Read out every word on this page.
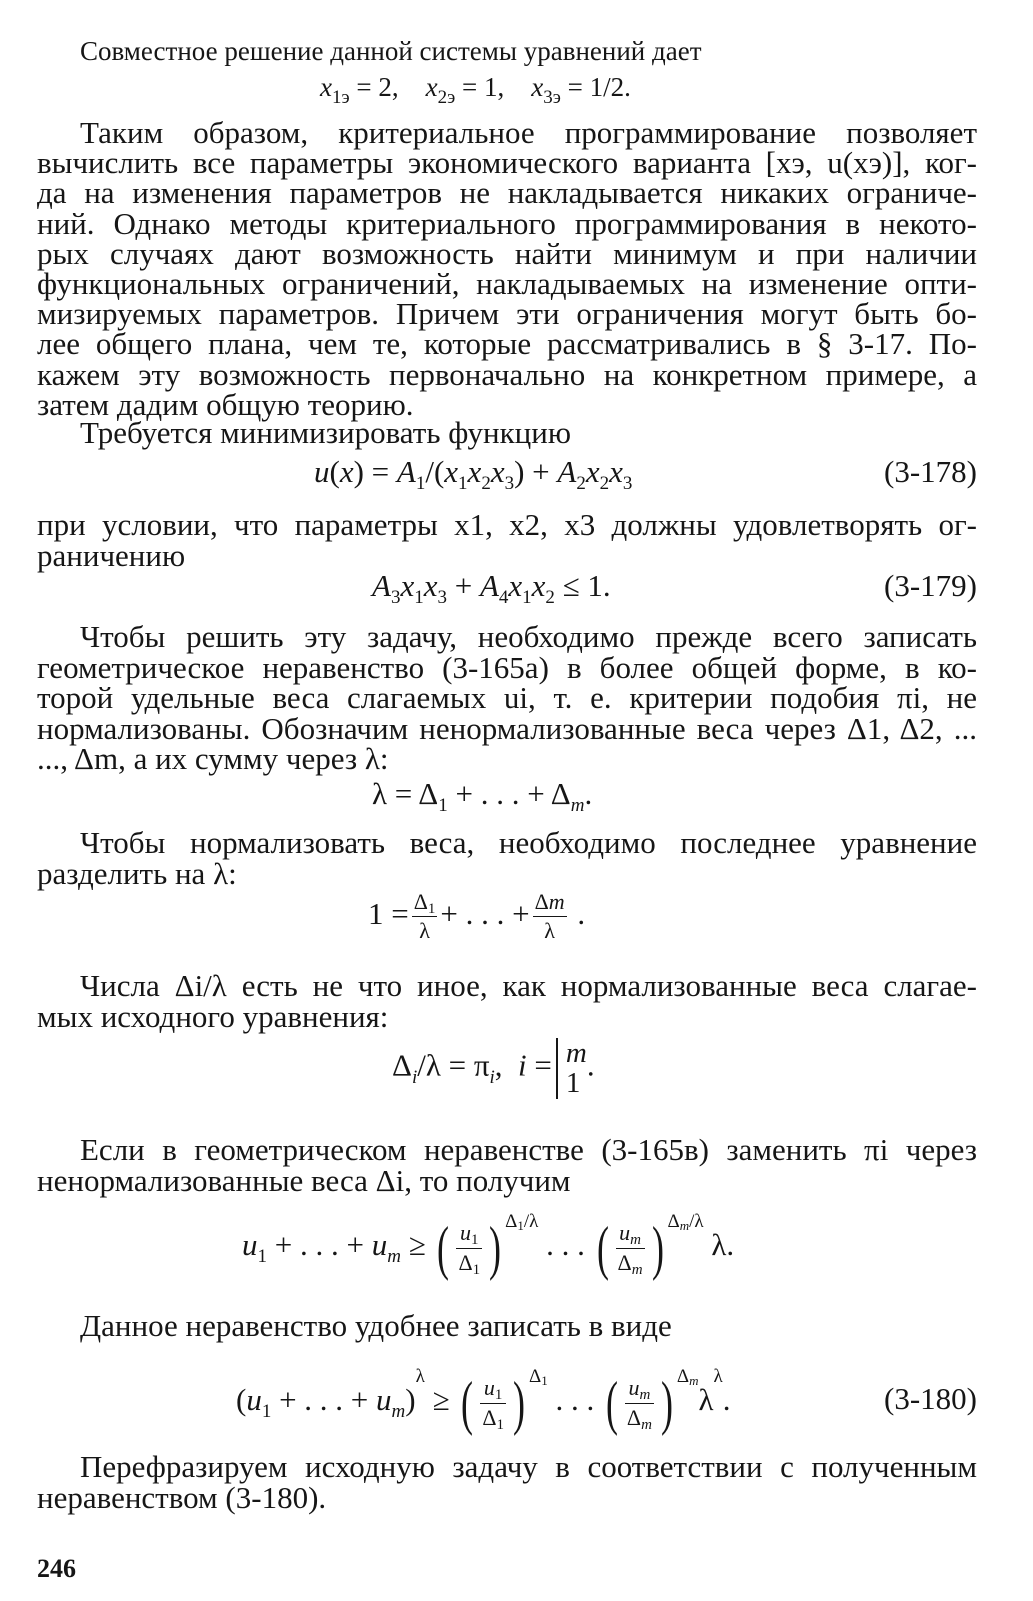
Совместное решение данной системы уравнений дает
$x_{1э} = 2$,    $x_{2э} = 1$,    $x_{3э} = 1/2$.
Таким образом, критериальное программирование позволяет
вычислить все параметры экономического варианта [xэ, u(xэ)], ког-
да на изменения параметров не накладывается никаких ограниче-
ний. Однако методы критериального программирования в некото-
рых случаях дают возможность найти минимум и при наличии
функциональных ограничений, накладываемых на изменение опти-
мизируемых параметров. Причем эти ограничения могут быть бо-
лее общего плана, чем те, которые рассматривались в § 3-17. По-
кажем эту возможность первоначально на конкретном примере, а
затем дадим общую теорию.
Требуется минимизировать функцию
$u(x) = A_1/(x_1x_2x_3) + A_2x_2x_3$	(3-178)
при условии, что параметры x1, x2, x3 должны удовлетворять ог-
раничению
$A_3x_1x_3 + A_4x_1x_2 \le 1$.	(3-179)
Чтобы решить эту задачу, необходимо прежде всего записать
геометрическое неравенство (3-165а) в более общей форме, в ко-
торой удельные веса слагаемых ui, т. е. критерии подобия πi, не
нормализованы. Обозначим ненормализованные веса через Δ1, Δ2, ...
..., Δm, а их сумму через λ:
$\lambda = \Delta_1$ + . . . + $\Delta_m$.
Чтобы нормализовать веса, необходимо последнее уравнение
разделить на λ:
$1 = \frac{\Delta_1}{\lambda}$ + . . . + $\frac{\Delta m}{\lambda}$ .
Числа Δi/λ есть не что иное, как нормализованные веса слагае-
мых исходного уравнения:
$\Delta_i/\lambda = \pi_i$,  i = m
1
.
Если в геометрическом неравенстве (3-165в) заменить πi через
ненормализованные веса Δi, то получим
$u_1$ + . . . + $u_m$ ≥ ( $\frac{u_1}{\Delta_1}$ ) $^{\Delta_1/\lambda}$ . . . ( $\frac{u_m}{\Delta_m}$ ) $^{\Delta_m/\lambda}$ λ.
Данное неравенство удобнее записать в виде
($u_1$ + . . . + $u_m)^\lambda$ ≥ ( $\frac{u_1}{\Delta_1}$ ) $^{\Delta_1}$ . . . ( $\frac{u_m}{\Delta_m}$ ) $^{\Delta_m}\lambda^\lambda$.	(3-180)
Перефразируем исходную задачу в соответствии с полученным
неравенством (3-180).
246
